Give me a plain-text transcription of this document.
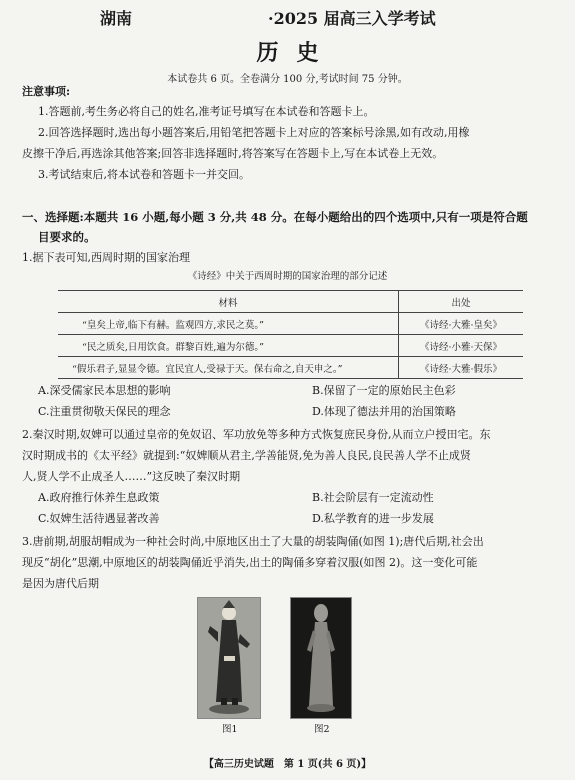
湖南	·2025 届高三入学考试
历史
本试卷共 6 页。全卷满分 100 分,考试时间 75 分钟。
注意事项:
1.答题前,考生务必将自己的姓名,准考证号填写在本试卷和答题卡上。
2.回答选择题时,选出每小题答案后,用铅笔把答题卡上对应的答案标号涂黑,如有改动,用橡
皮擦干净后,再选涂其他答案;回答非选择题时,将答案写在答题卡上,写在本试卷上无效。
3.考试结束后,将本试卷和答题卡一并交回。
一、选择题:本题共 16 小题,每小题 3 分,共 48 分。在每小题给出的四个选项中,只有一项是符合题
目要求的。
1.据下表可知,西周时期的国家治理
《诗经》中关于西周时期的国家治理的部分记述
材料	出处
“皇矣上帝,临下有赫。监观四方,求民之莫。”	《诗经·大雅·皇矣》
“民之质矣,日用饮食。群黎百姓,遍为尔德。”	《诗经·小雅·天保》
“假乐君子,显显令德。宜民宜人,受禄于天。保右命之,自天申之。”	《诗经·大雅·假乐》
A.深受儒家民本思想的影响	B.保留了一定的原始民主色彩
C.注重贯彻敬天保民的理念	D.体现了德法并用的治国策略
2.秦汉时期,奴婢可以通过皇帝的免奴诏、军功放免等多种方式恢复庶民身份,从而立户授田宅。东
汉时期成书的《太平经》就提到:“奴婢顺从君主,学善能贤,免为善人良民,良民善人学不止成贤
人,贤人学不止成圣人……”这反映了秦汉时期
A.政府推行休养生息政策	B.社会阶层有一定流动性
C.奴婢生活待遇显著改善	D.私学教育的进一步发展
3.唐前期,胡服胡帽成为一种社会时尚,中原地区出土了大量的胡装陶俑(如图 1);唐代后期,社会出
现反“胡化”思潮,中原地区的胡装陶俑近乎消失,出土的陶俑多穿着汉服(如图 2)。这一变化可能
是因为唐代后期
图1	图2
【高三历史试题　第 1 页(共 6 页)】
